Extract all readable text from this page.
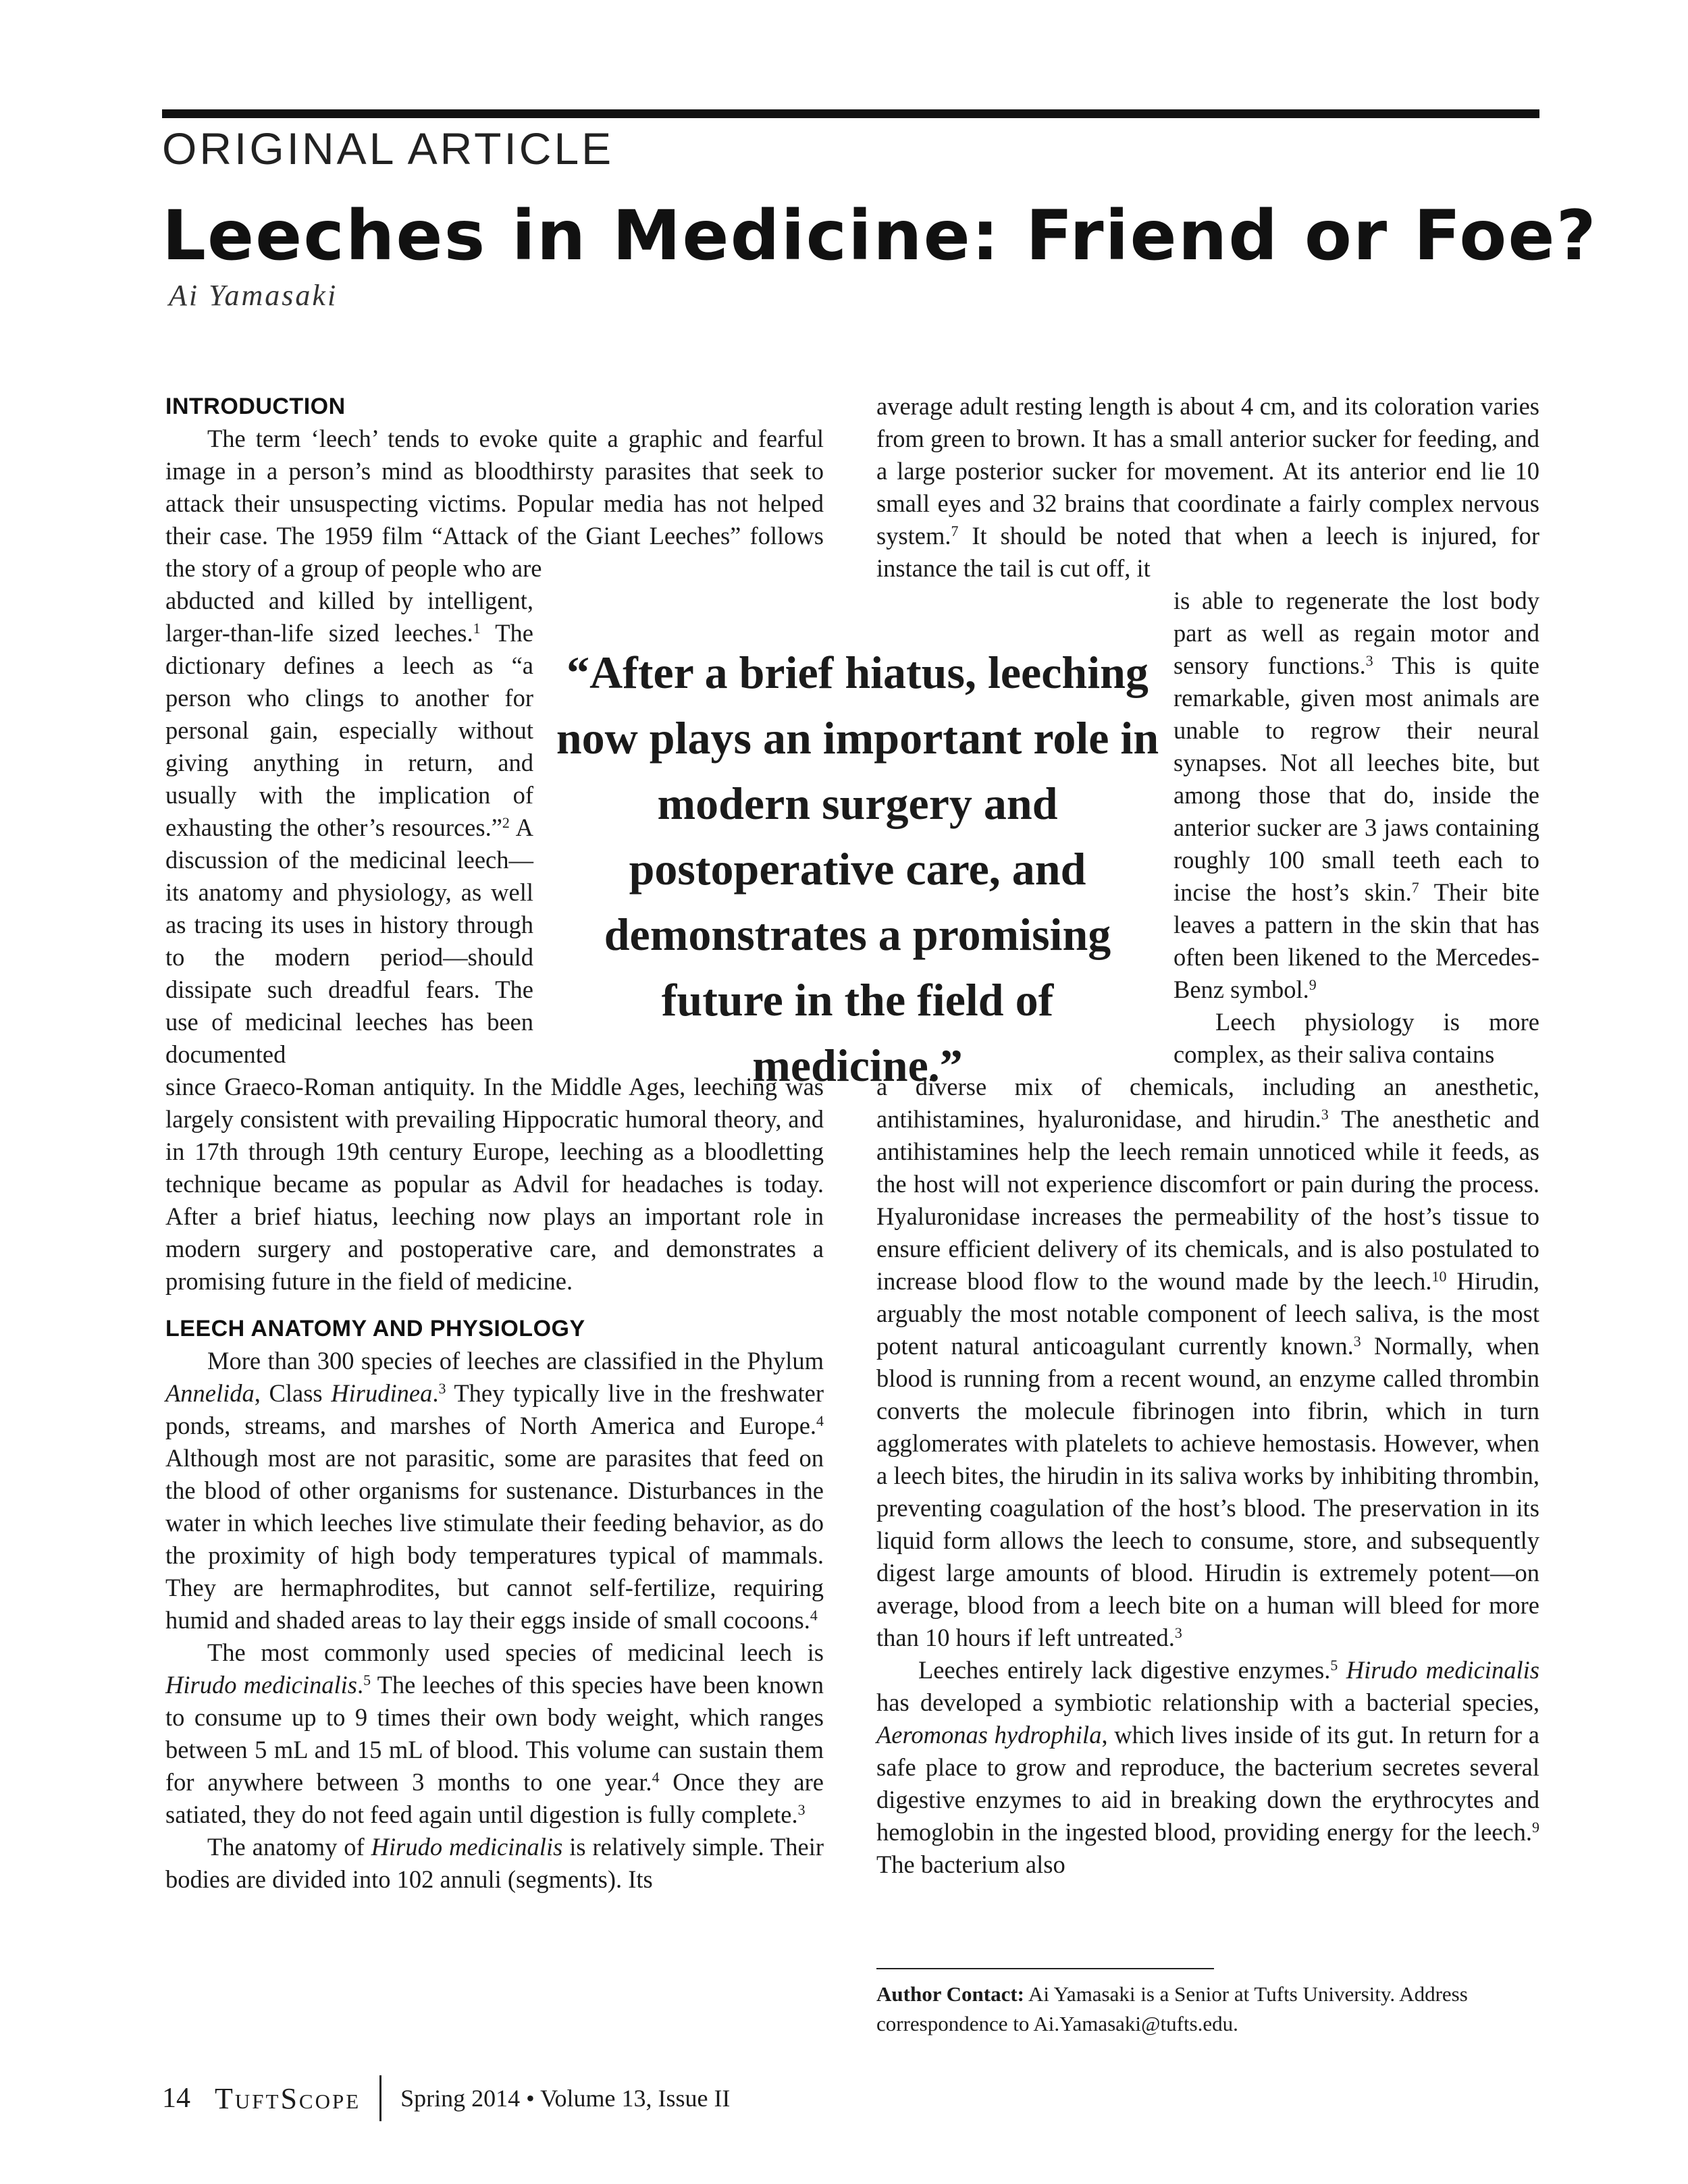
ORIGINAL ARTICLE
Leeches in Medicine: Friend or Foe?
Ai Yamasaki

INTRODUCTION

The term ‘leech’ tends to evoke quite a graphic and fearful image in a person’s mind as bloodthirsty parasites that seek to attack their unsuspecting victims. Popular media has not helped their case. The 1959 film “Attack of the Giant Leeches” follows the story of a group of people who are

abducted and killed by intelligent, larger-than-life sized leeches.$^1$ The dictionary defines a leech as “a person who clings to another for personal gain, especially without giving anything in return, and usually with the implication of exhausting the other’s resources.”$^2$ A discussion of the medicinal leech—its anatomy and physiology, as well as tracing its uses in history through to the modern period—should dissipate such dreadful fears. The use of medicinal leeches has been documented

since Graeco-Roman antiquity. In the Middle Ages, leeching was largely consistent with prevailing Hippocratic humoral theory, and in 17th through 19th century Europe, leeching as a bloodletting technique became as popular as Advil for headaches is today. After a brief hiatus, leeching now plays an important role in modern surgery and postoperative care, and demonstrates a promising future in the field of medicine.

LEECH ANATOMY AND PHYSIOLOGY

More than 300 species of leeches are classified in the Phylum Annelida, Class Hirudinea.$^3$ They typically live in the freshwater ponds, streams, and marshes of North America and Europe.$^4$ Although most are not parasitic, some are parasites that feed on the blood of other organisms for sustenance. Disturbances in the water in which leeches live stimulate their feeding behavior, as do the proximity of high body temperatures typical of mammals. They are hermaphrodites, but cannot self-fertilize, requiring humid and shaded areas to lay their eggs inside of small cocoons.$^4$

The most commonly used species of medicinal leech is Hirudo medicinalis.$^5$ The leeches of this species have been known to consume up to 9 times their own body weight, which ranges between 5 mL and 15 mL of blood. This volume can sustain them for anywhere between 3 months to one year.$^4$ Once they are satiated, they do not feed again until digestion is fully complete.$^3$

The anatomy of Hirudo medicinalis is relatively simple. Their bodies are divided into 102 annuli (segments). Its

“After a brief hiatus, leeching now plays an important role in modern surgery and postoperative care, and demonstrates a promising future in the field of medicine.”

average adult resting length is about 4 cm, and its coloration varies from green to brown. It has a small anterior sucker for feeding, and a large posterior sucker for movement. At its anterior end lie 10 small eyes and 32 brains that coordinate a fairly complex nervous system.$^7$ It should be noted that when a leech is injured, for instance the tail is cut off, it

is able to regenerate the lost body part as well as regain motor and sensory functions.$^3$ This is quite remarkable, given most animals are unable to regrow their neural synapses. Not all leeches bite, but among those that do, inside the anterior sucker are 3 jaws containing roughly 100 small teeth each to incise the host’s skin.$^7$ Their bite leaves a pattern in the skin that has often been likened to the Mercedes-Benz symbol.$^9$

Leech physiology is more complex, as their saliva contains

a diverse mix of chemicals, including an anesthetic, antihistamines, hyaluronidase, and hirudin.$^3$ The anesthetic and antihistamines help the leech remain unnoticed while it feeds, as the host will not experience discomfort or pain during the process. Hyaluronidase increases the permeability of the host’s tissue to ensure efficient delivery of its chemicals, and is also postulated to increase blood flow to the wound made by the leech.$^{10}$ Hirudin, arguably the most notable component of leech saliva, is the most potent natural anticoagulant currently known.$^3$ Normally, when blood is running from a recent wound, an enzyme called thrombin converts the molecule fibrinogen into fibrin, which in turn agglomerates with platelets to achieve hemostasis. However, when a leech bites, the hirudin in its saliva works by inhibiting thrombin, preventing coagulation of the host’s blood. The preservation in its liquid form allows the leech to consume, store, and subsequently digest large amounts of blood. Hirudin is extremely potent—on average, blood from a leech bite on a human will bleed for more than 10 hours if left untreated.$^3$

Leeches entirely lack digestive enzymes.$^5$ Hirudo medicinalis has developed a symbiotic relationship with a bacterial species, Aeromonas hydrophila, which lives inside of its gut. In return for a safe place to grow and reproduce, the bacterium secretes several digestive enzymes to aid in breaking down the erythrocytes and hemoglobin in the ingested blood, providing energy for the leech.$^9$ The bacterium also

Author Contact: Ai Yamasaki is a Senior at Tufts University. Address correspondence to Ai.Yamasaki@tufts.edu.
14 TuftScope Spring 2014 • Volume 13, Issue II
